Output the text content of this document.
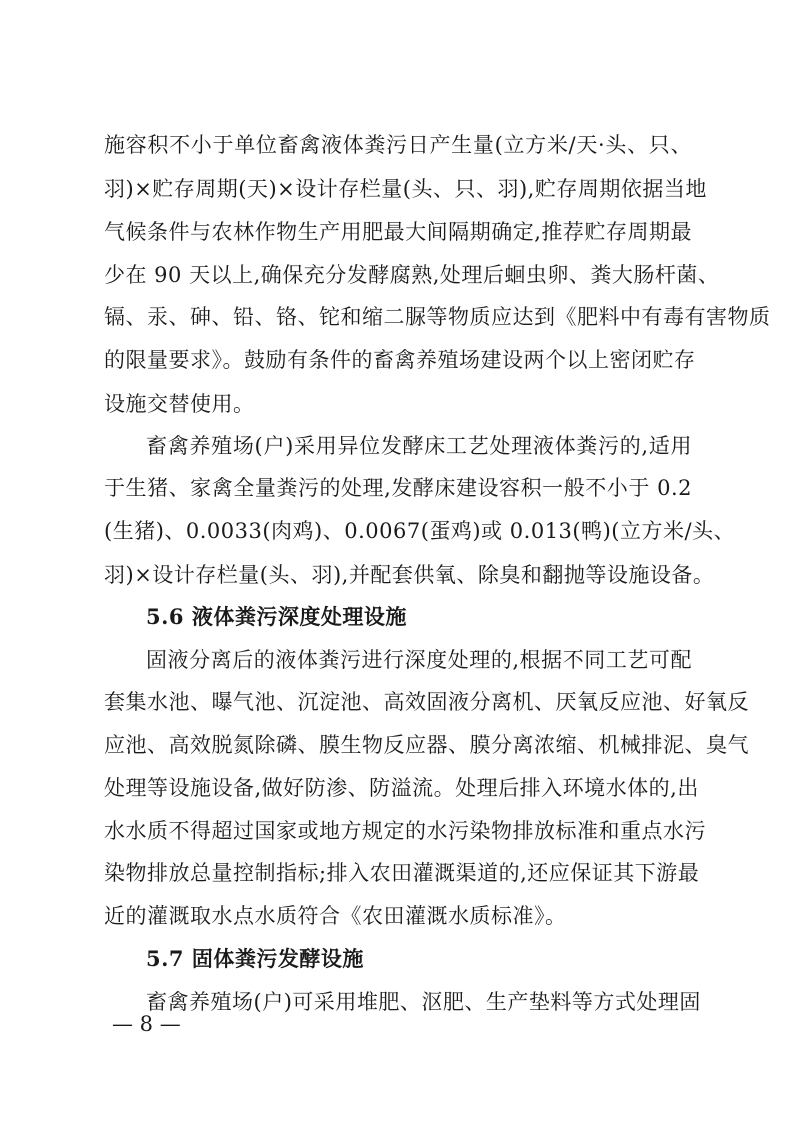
施容积不小于单位畜禽液体粪污日产生量(立方米/天·头、只、
羽)×贮存周期(天)×设计存栏量(头、只、羽),贮存周期依据当地
气候条件与农林作物生产用肥最大间隔期确定,推荐贮存周期最
少在 90 天以上,确保充分发酵腐熟,处理后蛔虫卵、粪大肠杆菌、
镉、汞、砷、铅、铬、铊和缩二脲等物质应达到《肥料中有毒有害物质
的限量要求》。鼓励有条件的畜禽养殖场建设两个以上密闭贮存
设施交替使用。
畜禽养殖场(户)采用异位发酵床工艺处理液体粪污的,适用
于生猪、家禽全量粪污的处理,发酵床建设容积一般不小于 0.2
(生猪)、0.0033(肉鸡)、0.0067(蛋鸡)或 0.013(鸭)(立方米/头、
羽)×设计存栏量(头、羽),并配套供氧、除臭和翻抛等设施设备。
5.6 液体粪污深度处理设施
固液分离后的液体粪污进行深度处理的,根据不同工艺可配
套集水池、曝气池、沉淀池、高效固液分离机、厌氧反应池、好氧反
应池、高效脱氮除磷、膜生物反应器、膜分离浓缩、机械排泥、臭气
处理等设施设备,做好防渗、防溢流。处理后排入环境水体的,出
水水质不得超过国家或地方规定的水污染物排放标准和重点水污
染物排放总量控制指标;排入农田灌溉渠道的,还应保证其下游最
近的灌溉取水点水质符合《农田灌溉水质标准》。
5.7 固体粪污发酵设施
畜禽养殖场(户)可采用堆肥、沤肥、生产垫料等方式处理固
— 8 —
